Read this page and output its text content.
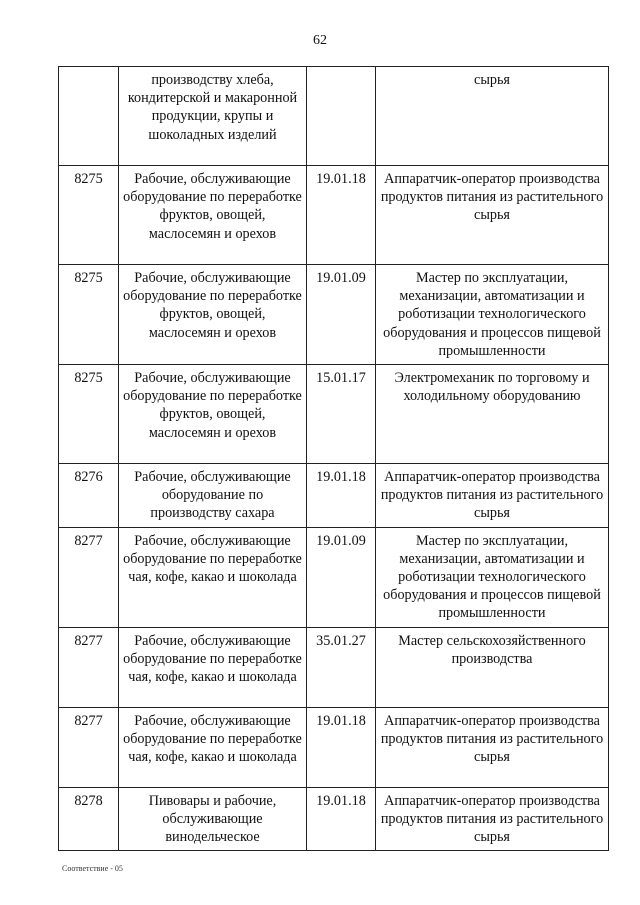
62
	производству хлеба, кондитерской и макаронной продукции, крупы и шоколадных изделий		сырья
8275	Рабочие, обслуживающие оборудование по переработке фруктов, овощей, маслосемян и орехов	19.01.18	Аппаратчик-оператор производства продуктов питания из растительного сырья
8275	Рабочие, обслуживающие оборудование по переработке фруктов, овощей, маслосемян и орехов	19.01.09	Мастер по эксплуатации, механизации, автоматизации и роботизации технологического оборудования и процессов пищевой промышленности
8275	Рабочие, обслуживающие оборудование по переработке фруктов, овощей, маслосемян и орехов	15.01.17	Электромеханик по торговому и холодильному оборудованию
8276	Рабочие, обслуживающие оборудование по производству сахара	19.01.18	Аппаратчик-оператор производства продуктов питания из растительного сырья
8277	Рабочие, обслуживающие оборудование по переработке чая, кофе, какао и шоколада	19.01.09	Мастер по эксплуатации, механизации, автоматизации и роботизации технологического оборудования и процессов пищевой промышленности
8277	Рабочие, обслуживающие оборудование по переработке чая, кофе, какао и шоколада	35.01.27	Мастер сельскохозяйственного производства
8277	Рабочие, обслуживающие оборудование по переработке чая, кофе, какао и шоколада	19.01.18	Аппаратчик-оператор производства продуктов питания из растительного сырья
8278	Пивовары и рабочие, обслуживающие винодельческое	19.01.18	Аппаратчик-оператор производства продуктов питания из растительного сырья
Соответствие - 05
